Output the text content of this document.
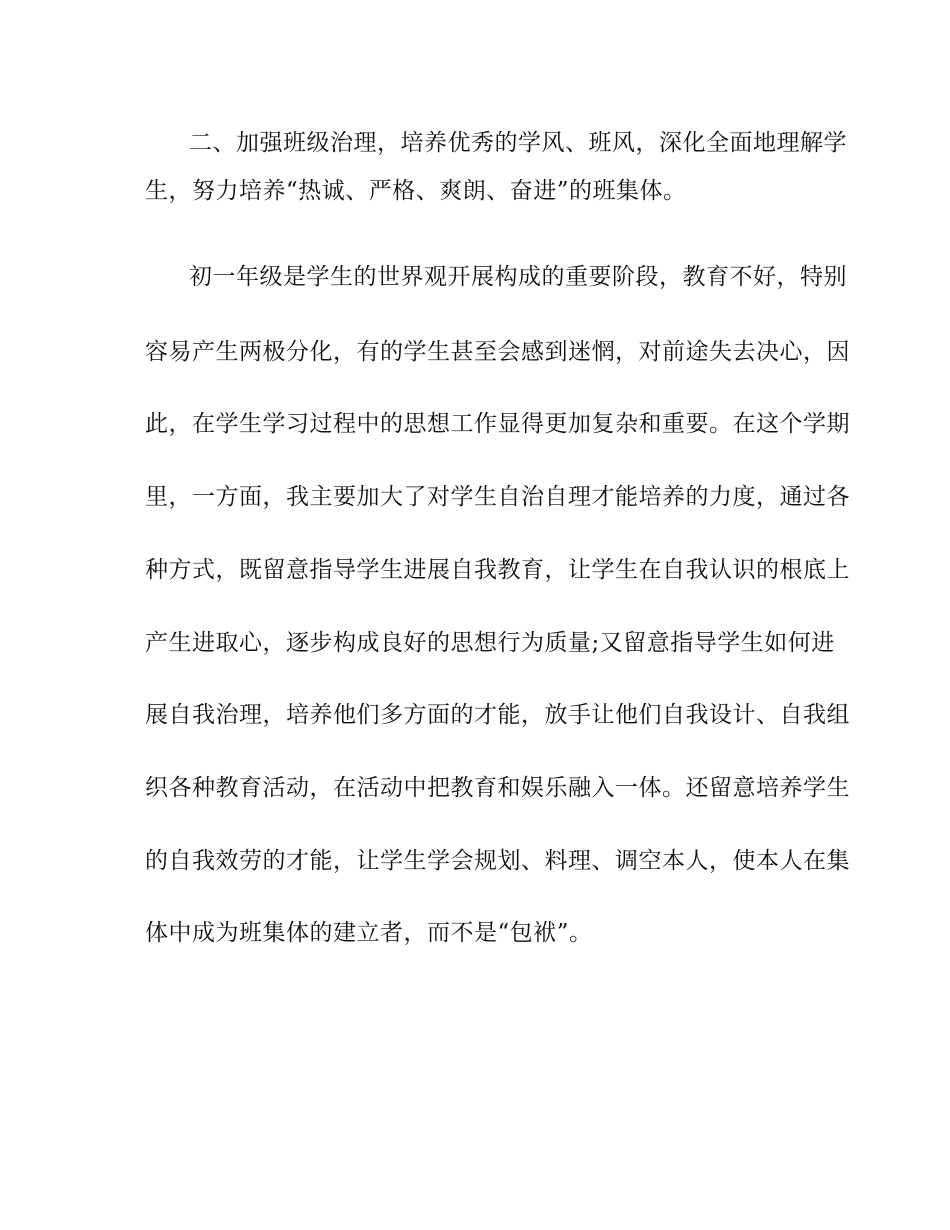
二、加强班级治理，培养优秀的学风、班风，深化全面地理解学
生，努力培养“热诚、严格、爽朗、奋进”的班集体。
初一年级是学生的世界观开展构成的重要阶段，教育不好，特别
容易产生两极分化，有的学生甚至会感到迷惘，对前途失去决心，因
此，在学生学习过程中的思想工作显得更加复杂和重要。在这个学期
里，一方面，我主要加大了对学生自治自理才能培养的力度，通过各
种方式，既留意指导学生进展自我教育，让学生在自我认识的根底上
产生进取心，逐步构成良好的思想行为质量;又留意指导学生如何进
展自我治理，培养他们多方面的才能，放手让他们自我设计、自我组
织各种教育活动，在活动中把教育和娱乐融入一体。还留意培养学生
的自我效劳的才能，让学生学会规划、料理、调空本人，使本人在集
体中成为班集体的建立者，而不是“包袱”。
